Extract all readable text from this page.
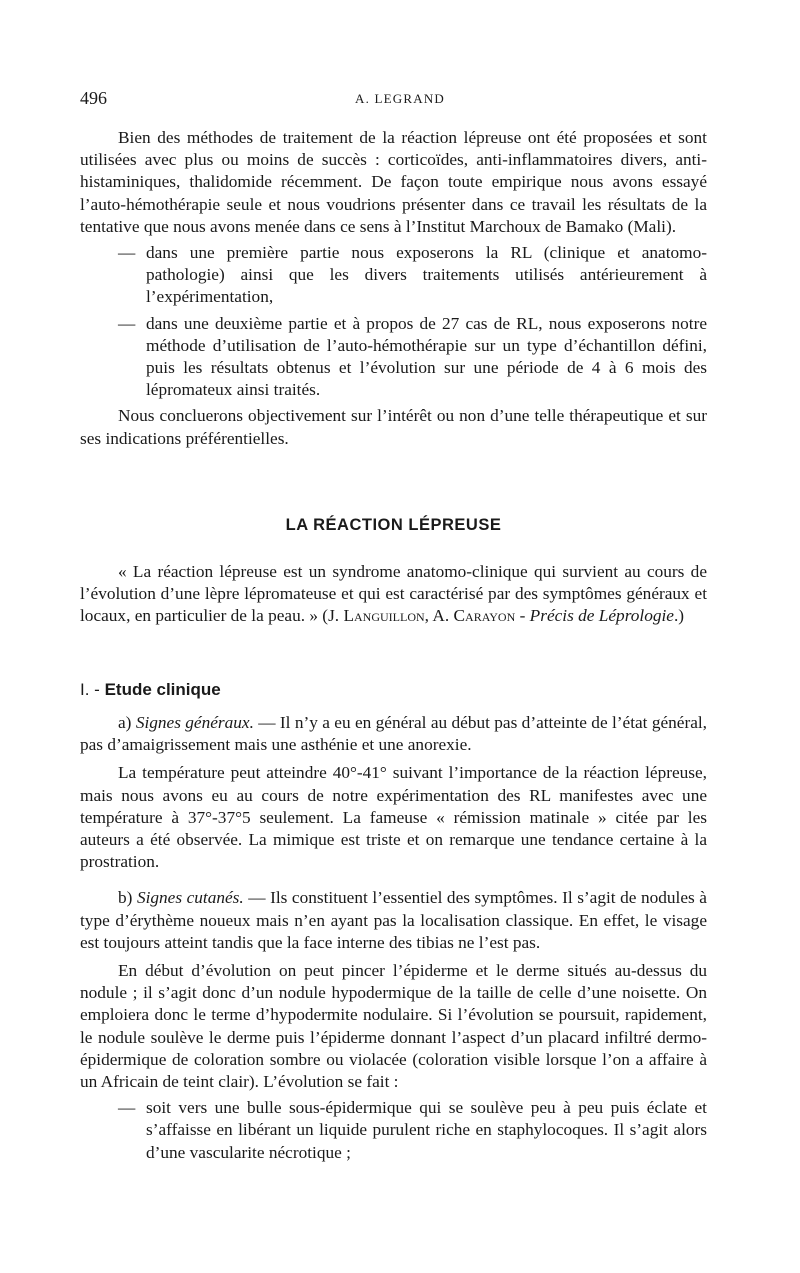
496	A. LEGRAND

Bien des méthodes de traitement de la réaction lépreuse ont été proposées et sont utilisées avec plus ou moins de succès : corticoïdes, anti-inflammatoires divers, anti-histaminiques, thalidomide récemment. De façon toute empirique nous avons essayé l’auto-hémothérapie seule et nous voudrions présenter dans ce travail les résultats de la tentative que nous avons menée dans ce sens à l’Institut Marchoux de Bamako (Mali).

— dans une première partie nous exposerons la RL (clinique et anatomo-pathologie) ainsi que les divers traitements utilisés antérieurement à l’expérimentation,
— dans une deuxième partie et à propos de 27 cas de RL, nous exposerons notre méthode d’utilisation de l’auto-hémothérapie sur un type d’échantillon défini, puis les résultats obtenus et l’évolution sur une période de 4 à 6 mois des lépromateux ainsi traités.

Nous concluerons objectivement sur l’intérêt ou non d’une telle thérapeutique et sur ses indications préférentielles.

LA RÉACTION LÉPREUSE

« La réaction lépreuse est un syndrome anatomo-clinique qui survient au cours de l’évolution d’une lèpre lépromateuse et qui est caractérisé par des symptômes généraux et locaux, en particulier de la peau. » (J. Languillon, A. Carayon - Précis de Léprologie.)

I. - Etude clinique

a) Signes généraux. — Il n’y a eu en général au début pas d’atteinte de l’état général, pas d’amaigrissement mais une asthénie et une anorexie.

La température peut atteindre 40°-41° suivant l’importance de la réaction lépreuse, mais nous avons eu au cours de notre expérimentation des RL manifestes avec une température à 37°-37°5 seulement. La fameuse « rémission matinale » citée par les auteurs a été observée. La mimique est triste et on remarque une tendance certaine à la prostration.

b) Signes cutanés. — Ils constituent l’essentiel des symptômes. Il s’agit de nodules à type d’érythème noueux mais n’en ayant pas la localisation classique. En effet, le visage est toujours atteint tandis que la face interne des tibias ne l’est pas.

En début d’évolution on peut pincer l’épiderme et le derme situés au-dessus du nodule ; il s’agit donc d’un nodule hypodermique de la taille de celle d’une noisette. On emploiera donc le terme d’hypodermite nodulaire. Si l’évolution se poursuit, rapidement, le nodule soulève le derme puis l’épiderme donnant l’aspect d’un placard infiltré dermo-épidermique de coloration sombre ou violacée (coloration visible lorsque l’on a affaire à un Africain de teint clair). L’évolution se fait :

— soit vers une bulle sous-épidermique qui se soulève peu à peu puis éclate et s’affaisse en libérant un liquide purulent riche en staphylocoques. Il s’agit alors d’une vascularite nécrotique ;
